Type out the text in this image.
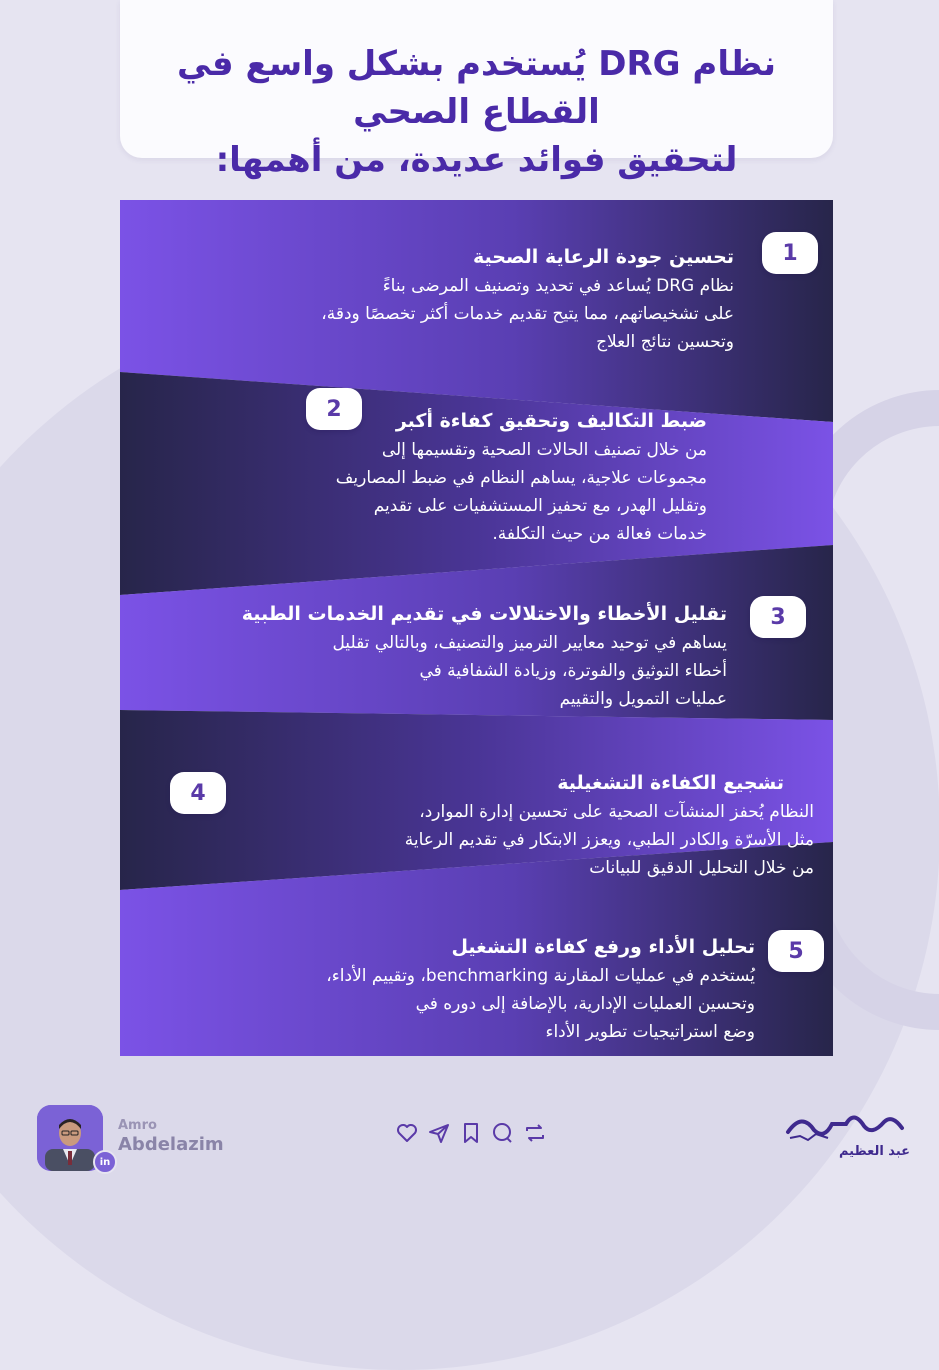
نظام DRG يُستخدم بشكل واسع في القطاع الصحي
لتحقيق فوائد عديدة، من أهمها:
تحسين جودة الرعاية الصحية
نظام DRG يُساعد في تحديد وتصنيف المرضى بناءً
على تشخيصاتهم، مما يتيح تقديم خدمات أكثر تخصصًا ودقة،
وتحسين نتائج العلاج
1
ضبط التكاليف وتحقيق كفاءة أكبر
من خلال تصنيف الحالات الصحية وتقسيمها إلى
مجموعات علاجية، يساهم النظام في ضبط المصاريف
وتقليل الهدر، مع تحفيز المستشفيات على تقديم
خدمات فعالة من حيث التكلفة.
2
تقليل الأخطاء والاختلالات في تقديم الخدمات الطبية
يساهم في توحيد معايير الترميز والتصنيف، وبالتالي تقليل
أخطاء التوثيق والفوترة، وزيادة الشفافية في
عمليات التمويل والتقييم
3
تشجيع الكفاءة التشغيلية
النظام يُحفز المنشآت الصحية على تحسين إدارة الموارد،
مثل الأسرّة والكادر الطبي، ويعزز الابتكار في تقديم الرعاية
من خلال التحليل الدقيق للبيانات
4
تحليل الأداء ورفع كفاءة التشغيل
يُستخدم في عمليات المقارنة benchmarking، وتقييم الأداء،
وتحسين العمليات الإدارية، بالإضافة إلى دوره في
وضع استراتيجيات تطوير الأداء
5
in
Amro
Abdelazim	عبد العظيم
